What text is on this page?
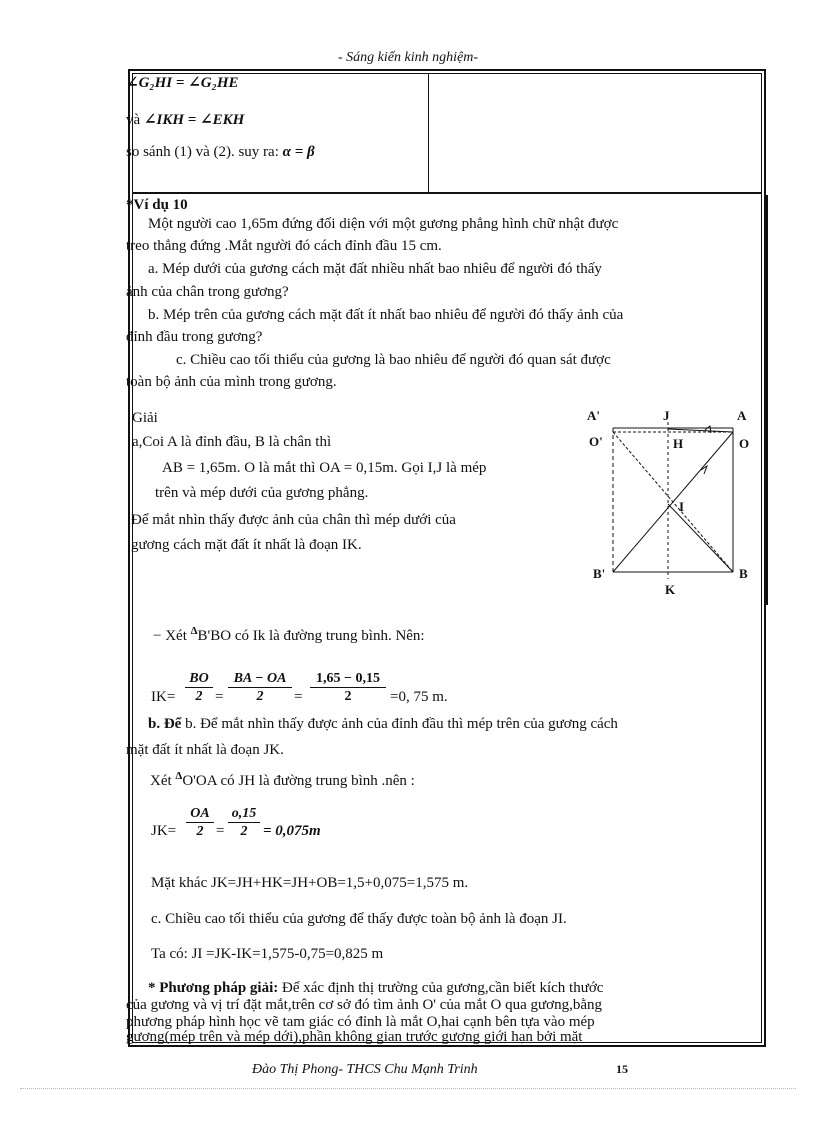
- Sáng kiến kinh nghiệm-
∠G₂HI = ∠G₂HE
và ∠IKH = ∠EKH
so sánh (1) và (2). suy ra: α = β
*Ví dụ 10
Một người cao 1,65m đứng đối diện với một gương phẳng hình chữ nhật được
treo thẳng đứng .Mắt người đó cách đỉnh đầu 15 cm.
a. Mép dưới của gương cách mặt đất nhiều nhất bao nhiêu để người đó thấy
ảnh của chân trong gương?
b. Mép trên của gương cách mặt đất ít nhất bao nhiêu để người đó thấy ảnh của
đỉnh đầu trong gương?
c. Chiều cao tối thiểu của gương là bao nhiêu để người đó quan sát được
toàn bộ ảnh của mình trong gương.
Giải
a,Coi A là đỉnh đầu, B là chân thì
AB = 1,65m. O là mắt thì OA = 0,15m. Gọi I,J là mép
trên và mép dưới của gương phẳng.
Để mắt nhìn thấy được ảnh của chân thì mép dưới của
gương cách mặt đất ít nhất là đoạn IK.
A'	J	A
O'	H	O
I
B'	B
K
− Xét $^\Delta$B'BO có Ik là đường trung bình. Nên:
$IK= \frac{BO}{2} = \frac{BA - OA}{2} = \frac{1,65 - 0,15}{2} =0$, 75 m.
b. Để b. Để mắt nhìn thấy được ảnh của đỉnh đầu thì mép trên của gương cách
mặt đất ít nhất là đoạn JK.
Xét $^\Delta$O'OA có JH là đường trung bình .nên :
$JK= \frac{OA}{2} = \frac{o,15}{2} = 0,075m$
Mặt khác JK=JH+HK=JH+OB=1,5+0,075=1,575 m.
c. Chiều cao tối thiểu của gương để thấy được toàn bộ ảnh là đoạn JI.
Ta có: JI =JK-IK=1,575-0,75=0,825 m
* Phương pháp giải: Để xác định thị trường của gương,cần biết kích thước
của gương và vị trí đặt mắt,trên cơ sở đó tìm ảnh O' của mắt O qua gương,bằng
phương pháp hình học vẽ tam giác có đỉnh là mắt O,hai cạnh bên tựa vào mép
gương(mép trên và mép dới),phần không gian trước gương giới hạn bởi mặt
Đào Thị Phong- THCS Chu Mạnh Trinh	15
